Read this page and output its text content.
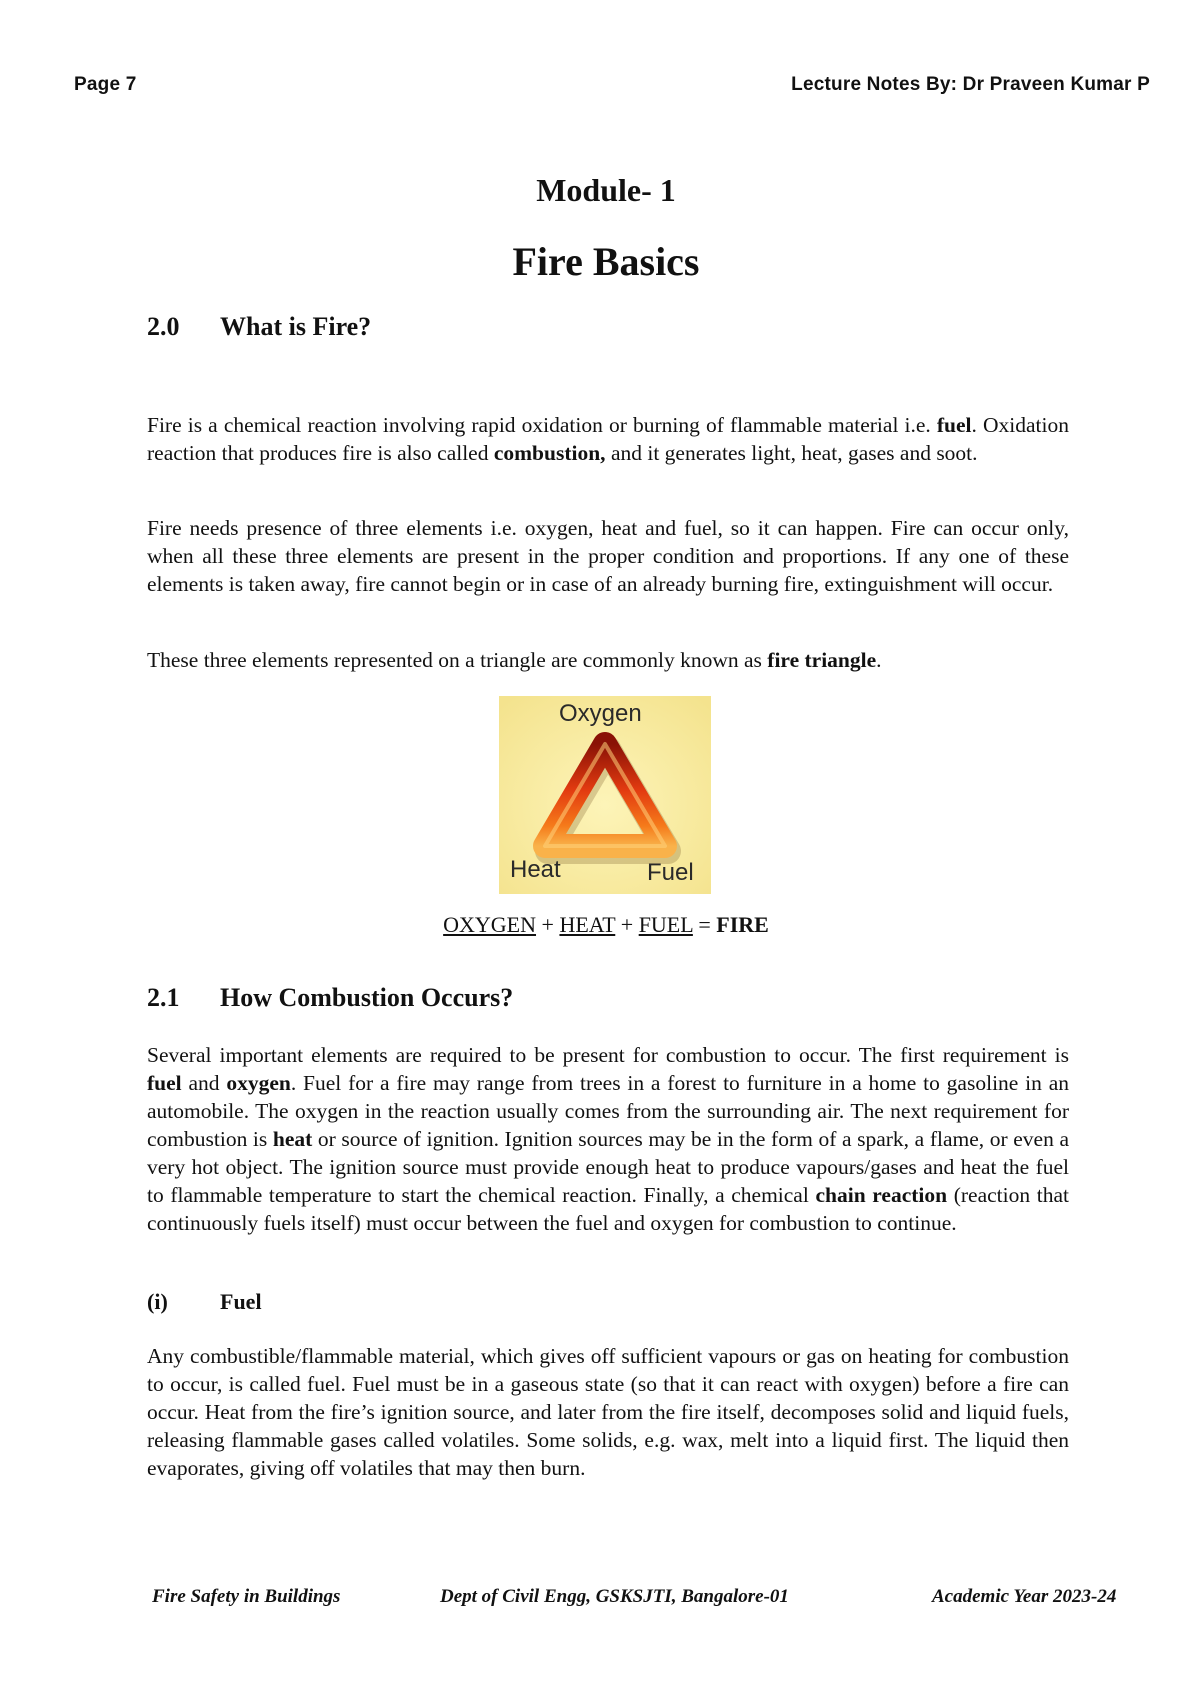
Page 7	Lecture Notes By: Dr Praveen Kumar P
Module- 1
Fire Basics
2.0 What is Fire?

Fire is a chemical reaction involving rapid oxidation or burning of flammable material i.e. fuel. Oxidation reaction that produces fire is also called combustion, and it generates light, heat, gases and soot.

Fire needs presence of three elements i.e. oxygen, heat and fuel, so it can happen. Fire can occur only, when all these three elements are present in the proper condition and proportions. If any one of these elements is taken away, fire cannot begin or in case of an already burning fire, extinguishment will occur.

These three elements represented on a triangle are commonly known as fire triangle.

Oxygen
Heat	Fuel
OXYGEN + HEAT + FUEL = FIRE
2.1 How Combustion Occurs?

Several important elements are required to be present for combustion to occur. The first requirement is fuel and oxygen. Fuel for a fire may range from trees in a forest to furniture in a home to gasoline in an automobile. The oxygen in the reaction usually comes from the surrounding air. The next requirement for combustion is heat or source of ignition. Ignition sources may be in the form of a spark, a flame, or even a very hot object. The ignition source must provide enough heat to produce vapours/gases and heat the fuel to flammable temperature to start the chemical reaction. Finally, a chemical chain reaction (reaction that continuously fuels itself) must occur between the fuel and oxygen for combustion to continue.

(i) Fuel

Any combustible/flammable material, which gives off sufficient vapours or gas on heating for combustion to occur, is called fuel. Fuel must be in a gaseous state (so that it can react with oxygen) before a fire can occur. Heat from the fire’s ignition source, and later from the fire itself, decomposes solid and liquid fuels, releasing flammable gases called volatiles. Some solids, e.g. wax, melt into a liquid first. The liquid then evaporates, giving off volatiles that may then burn.

Fire Safety in Buildings	Dept of Civil Engg, GSKSJTI, Bangalore-01	Academic Year 2023-24
